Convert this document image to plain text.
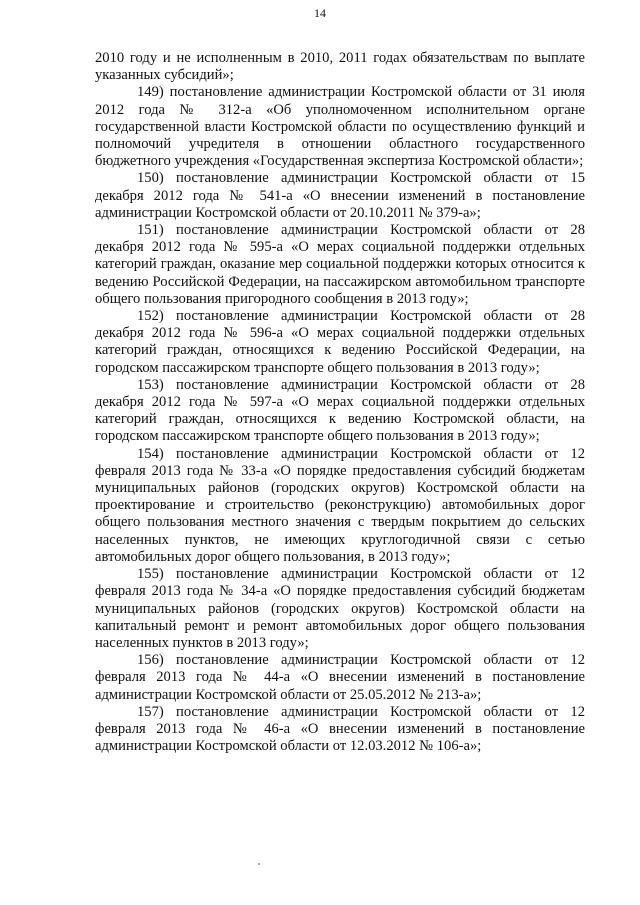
14

2010 году и не исполненным в 2010, 2011 годах обязательствам по выплате указанных субсидий»;

149) постановление администрации Костромской области от 31 июля 2012 года № 312-а «Об уполномоченном исполнительном органе государственной власти Костромской области по осуществлению функций и полномочий учредителя в отношении областного государственного бюджетного учреждения «Государственная экспертиза Костромской области»;

150) постановление администрации Костромской области от 15 декабря 2012 года № 541-а «О внесении изменений в постановление администрации Костромской области от 20.10.2011 № 379-а»;

151) постановление администрации Костромской области от 28 декабря 2012 года № 595-а «О мерах социальной поддержки отдельных категорий граждан, оказание мер социальной поддержки которых относится к ведению Российской Федерации, на пассажирском автомобильном транспорте общего пользования пригородного сообщения в 2013 году»;

152) постановление администрации Костромской области от 28 декабря 2012 года № 596-а «О мерах социальной поддержки отдельных категорий граждан, относящихся к ведению Российской Федерации, на городском пассажирском транспорте общего пользования в 2013 году»;

153) постановление администрации Костромской области от 28 декабря 2012 года № 597-а «О мерах социальной поддержки отдельных категорий граждан, относящихся к ведению Костромской области, на городском пассажирском транспорте общего пользования в 2013 году»;

154) постановление администрации Костромской области от 12 февраля 2013 года № 33-а «О порядке предоставления субсидий бюджетам муниципальных районов (городских округов) Костромской области на проектирование и строительство (реконструкцию) автомобильных дорог общего пользования местного значения с твердым покрытием до сельских населенных пунктов, не имеющих круглогодичной связи с сетью автомобильных дорог общего пользования, в 2013 году»;

155) постановление администрации Костромской области от 12 февраля 2013 года № 34-а «О порядке предоставления субсидий бюджетам муниципальных районов (городских округов) Костромской области на капитальный ремонт и ремонт автомобильных дорог общего пользования населенных пунктов в 2013 году»;

156) постановление администрации Костромской области от 12 февраля 2013 года № 44-а «О внесении изменений в постановление администрации Костромской области от 25.05.2012 № 213-а»;

157) постановление администрации Костромской области от 12 февраля 2013 года № 46-а «О внесении изменений в постановление администрации Костромской области от 12.03.2012 № 106-а»;
